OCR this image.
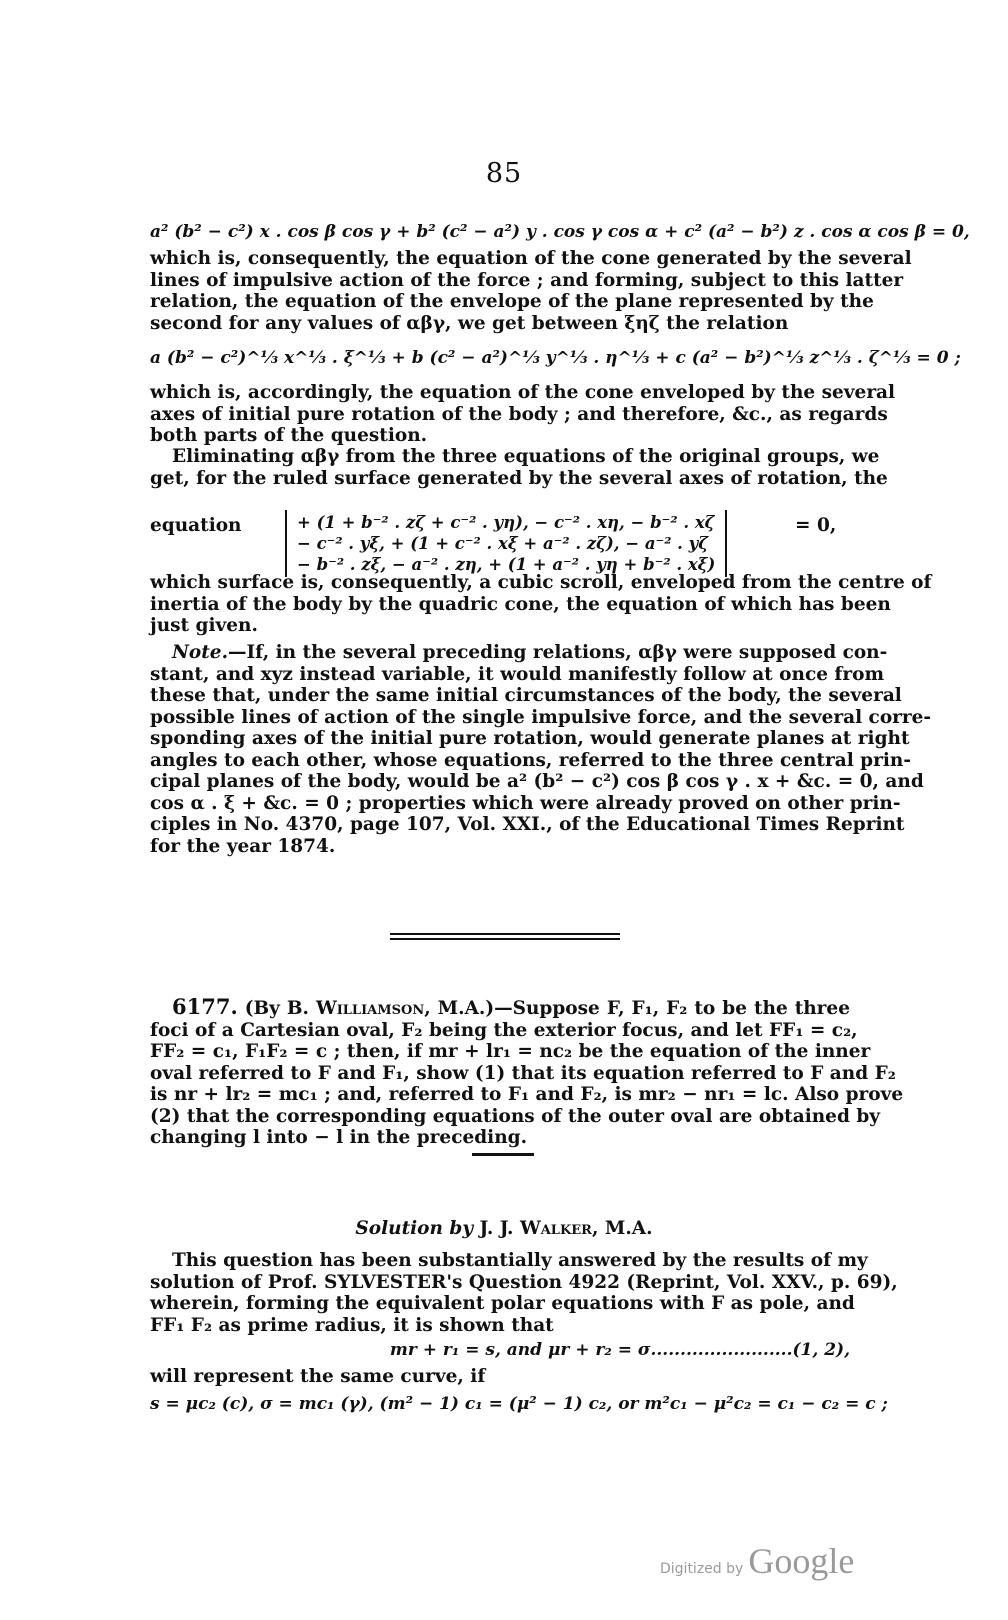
85
a² (b² − c²) x . cos β cos γ + b² (c² − a²) y . cos γ cos α + c² (a² − b²) z . cos α cos β = 0,

which is, consequently, the equation of the cone generated by the several
lines of impulsive action of the force ; and forming, subject to this latter
relation, the equation of the envelope of the plane represented by the
second for any values of αβγ, we get between ξηζ the relation

a (b² − c²)^⅓ x^⅓ . ξ^⅓ + b (c² − a²)^⅓ y^⅓ . η^⅓ + c (a² − b²)^⅓ z^⅓ . ζ^⅓ = 0 ;

which is, accordingly, the equation of the cone enveloped by the several
axes of initial pure rotation of the body ; and therefore, &c., as regards
both parts of the question.

Eliminating αβγ from the three equations of the original groups, we
get, for the ruled surface generated by the several axes of rotation, the

equation	+ (1 + b⁻² . zζ + c⁻² . yη), − c⁻² . xη, − b⁻² . xζ
− c⁻² . yξ, + (1 + c⁻² . xξ + a⁻² . zζ), − a⁻² . yζ
− b⁻² . zξ, − a⁻² . zη, + (1 + a⁻² . yη + b⁻² . xξ)
= 0,

which surface is, consequently, a cubic scroll, enveloped from the centre of
inertia of the body by the quadric cone, the equation of which has been
just given.

Note.—If, in the several preceding relations, αβγ were supposed con-
stant, and xyz instead variable, it would manifestly follow at once from
these that, under the same initial circumstances of the body, the several
possible lines of action of the single impulsive force, and the several corre-
sponding axes of the initial pure rotation, would generate planes at right
angles to each other, whose equations, referred to the three central prin-
cipal planes of the body, would be a² (b² − c²) cos β cos γ . x + &c. = 0, and
cos α . ξ + &c. = 0 ; properties which were already proved on other prin-
ciples in No. 4370, page 107, Vol. XXI., of the Educational Times Reprint
for the year 1874.

6177. (By B. Williamson, M.A.)—Suppose F, F₁, F₂ to be the three
foci of a Cartesian oval, F₂ being the exterior focus, and let FF₁ = c₂,
FF₂ = c₁, F₁F₂ = c ; then, if mr + lr₁ = nc₂ be the equation of the inner
oval referred to F and F₁, show (1) that its equation referred to F and F₂
is nr + lr₂ = mc₁ ; and, referred to F₁ and F₂, is mr₂ − nr₁ = lc. Also prove
(2) that the corresponding equations of the outer oval are obtained by
changing l into − l in the preceding.

Solution by J. J. Walker, M.A.

This question has been substantially answered by the results of my
solution of Prof. SYLVESTER's Question 4922 (Reprint, Vol. XXV., p. 69),
wherein, forming the equivalent polar equations with F as pole, and
FF₁ F₂ as prime radius, it is shown that

mr + r₁ = s, and μr + r₂ = σ........................(1, 2),

will represent the same curve, if

s = μc₂ (c), σ = mc₁ (γ), (m² − 1) c₁ = (μ² − 1) c₂, or m²c₁ − μ²c₂ = c₁ − c₂ = c ;
Digitized by Google
